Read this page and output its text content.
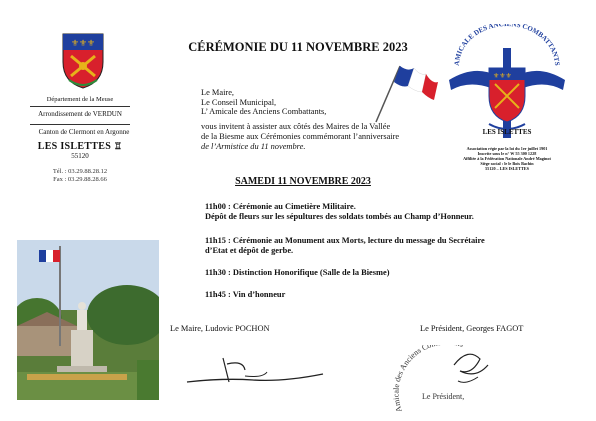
⚜ ⚜ ⚜
Département de la Meuse
Arrondissement de VERDUN
Canton de Clermont en Argonne
LES ISLETTES ♖
55120
Tél. : 03.29.88.28.12
Fax : 03.29.88.28.66
CÉRÉMONIE DU 11 NOVEMBRE 2023
Le Maire,
Le Conseil Municipal,
L’ Amicale des Anciens Combattants,
vous invitent à assister aux côtés des Maires de la Vallée
de la Biesme aux Cérémonies commémorant l’anniversaire
de l’Armistice du 11 novembre.
SAMEDI 11 NOVEMBRE 2023
11h00 : Cérémonie au Cimetière Militaire.
Dépôt de fleurs sur les sépultures des soldats tombés au Champ d’Honneur.
11h15 : Cérémonie au Monument aux Morts, lecture du message du Secrétaire
d’Etat et dépôt de gerbe.
11h30 : Distinction Honorifique (Salle de la Biesme)
11h45 : Vin d’honneur
Le Maire, Ludovic POCHON	Le Président, Georges FAGOT
AMICALE DES ANCIENS COMBATTANTS
⚜⚜⚜
LES ISLETTES
Association régie par la loi du 1er juillet 1901
Inscrite sous le n° W 55 300 1228
Affiliée à la Fédération Nationale André Maginot
Siège social : le le Bois Bachin
55120 – LES ISLETTES
Amicale des Anciens Co
Le Président,
